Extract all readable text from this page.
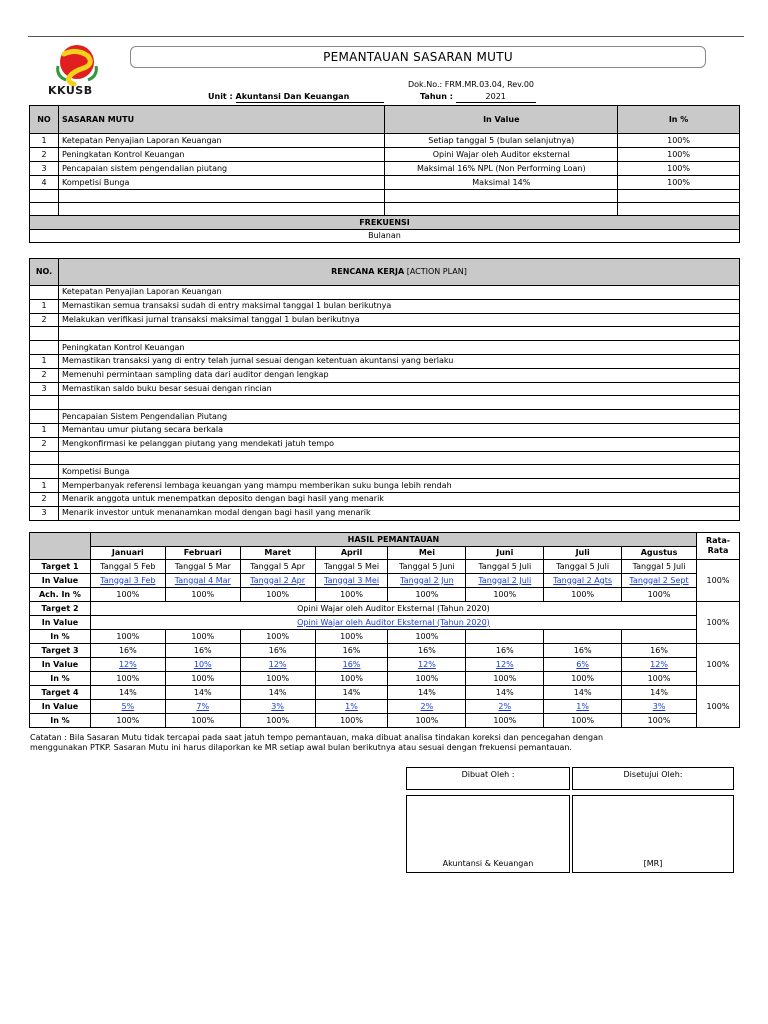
KKUSB
PEMANTAUAN SASARAN MUTU
Dok.No.: FRM.MR.03.04, Rev.00
Unit : Akuntansi Dan Keuangan	Tahun :	2021
NO	SASARAN MUTU	In Value	In %
1	Ketepatan Penyajian Laporan Keuangan	Setiap tanggal 5 (bulan selanjutnya)	100%
2	Peningkatan Kontrol Keuangan	Opini Wajar oleh Auditor eksternal	100%
3	Pencapaian sistem pengendalian piutang	Maksimal 16% NPL (Non Performing Loan)	100%
4	Kompetisi Bunga	Maksimal 14%	100%

FREKUENSI			
Bulanan			
NO.	RENCANA KERJA [ACTION PLAN]
	Ketepatan Penyajian Laporan Keuangan
1	Memastikan semua transaksi sudah di entry maksimal tanggal 1 bulan berikutnya
2	Melakukan verifikasi jurnal transaksi maksimal tanggal 1 bulan berikutnya

	Peningkatan Kontrol Keuangan
1	Memastikan transaksi yang di entry telah jurnal sesuai dengan ketentuan akuntansi yang berlaku
2	Memenuhi permintaan sampling data dari auditor dengan lengkap
3	Memastikan saldo buku besar sesuai dengan rincian

	Pencapaian Sistem Pengendalian Piutang
1	Memantau umur piutang secara berkala
2	Mengkonfirmasi ke pelanggan piutang yang mendekati jatuh tempo

	Kompetisi Bunga
1	Memperbanyak referensi lembaga keuangan yang mampu memberikan suku bunga lebih rendah
2	Menarik anggota untuk menempatkan deposito dengan bagi hasil yang menarik
3	Menarik investor untuk menanamkan modal dengan bagi hasil yang menarik
	HASIL PEMANTAUAN								Rata-Rata
	Januari	Februari	Maret	April	Mei	Juni	Juli	Agustus	
Target 1	Tanggal 5 Feb	Tanggal 5 Mar	Tanggal 5 Apr	Tanggal 5 Mei	Tanggal 5 Juni	Tanggal 5 Juli	Tanggal 5 Juli	Tanggal 5 Juli	100%
In Value	Tanggal 3 Feb	Tanggal 4 Mar	Tanggal 2 Apr	Tanggal 3 Mei	Tanggal 2 Jun	Tanggal 2 Juli	Tanggal 2 Agts	Tanggal 2 Sept	
Ach. In %	100%	100%	100%	100%	100%	100%	100%	100%	
Target 2	Opini Wajar oleh Auditor Eksternal (Tahun 2020)								100%
In Value	Opini Wajar oleh Auditor Eksternal (Tahun 2020)								
In %	100%	100%	100%	100%	100%				
Target 3	16%	16%	16%	16%	16%	16%	16%	16%	100%
In Value	12%	10%	12%	16%	12%	12%	6%	12%	
In %	100%	100%	100%	100%	100%	100%	100%	100%	
Target 4	14%	14%	14%	14%	14%	14%	14%	14%	100%
In Value	5%	7%	3%	1%	2%	2%	1%	3%	
In %	100%	100%	100%	100%	100%	100%	100%	100%	
Catatan : Bila Sasaran Mutu tidak tercapai pada saat jatuh tempo pemantauan, maka dibuat analisa tindakan koreksi dan pencegahan dengan menggunakan PTKP. Sasaran Mutu ini harus dilaporkan ke MR setiap awal bulan berikutnya atau sesuai dengan frekuensi pemantauan.
Dibuat Oleh :	Disetujui Oleh:
Akuntansi & Keuangan	[MR]
